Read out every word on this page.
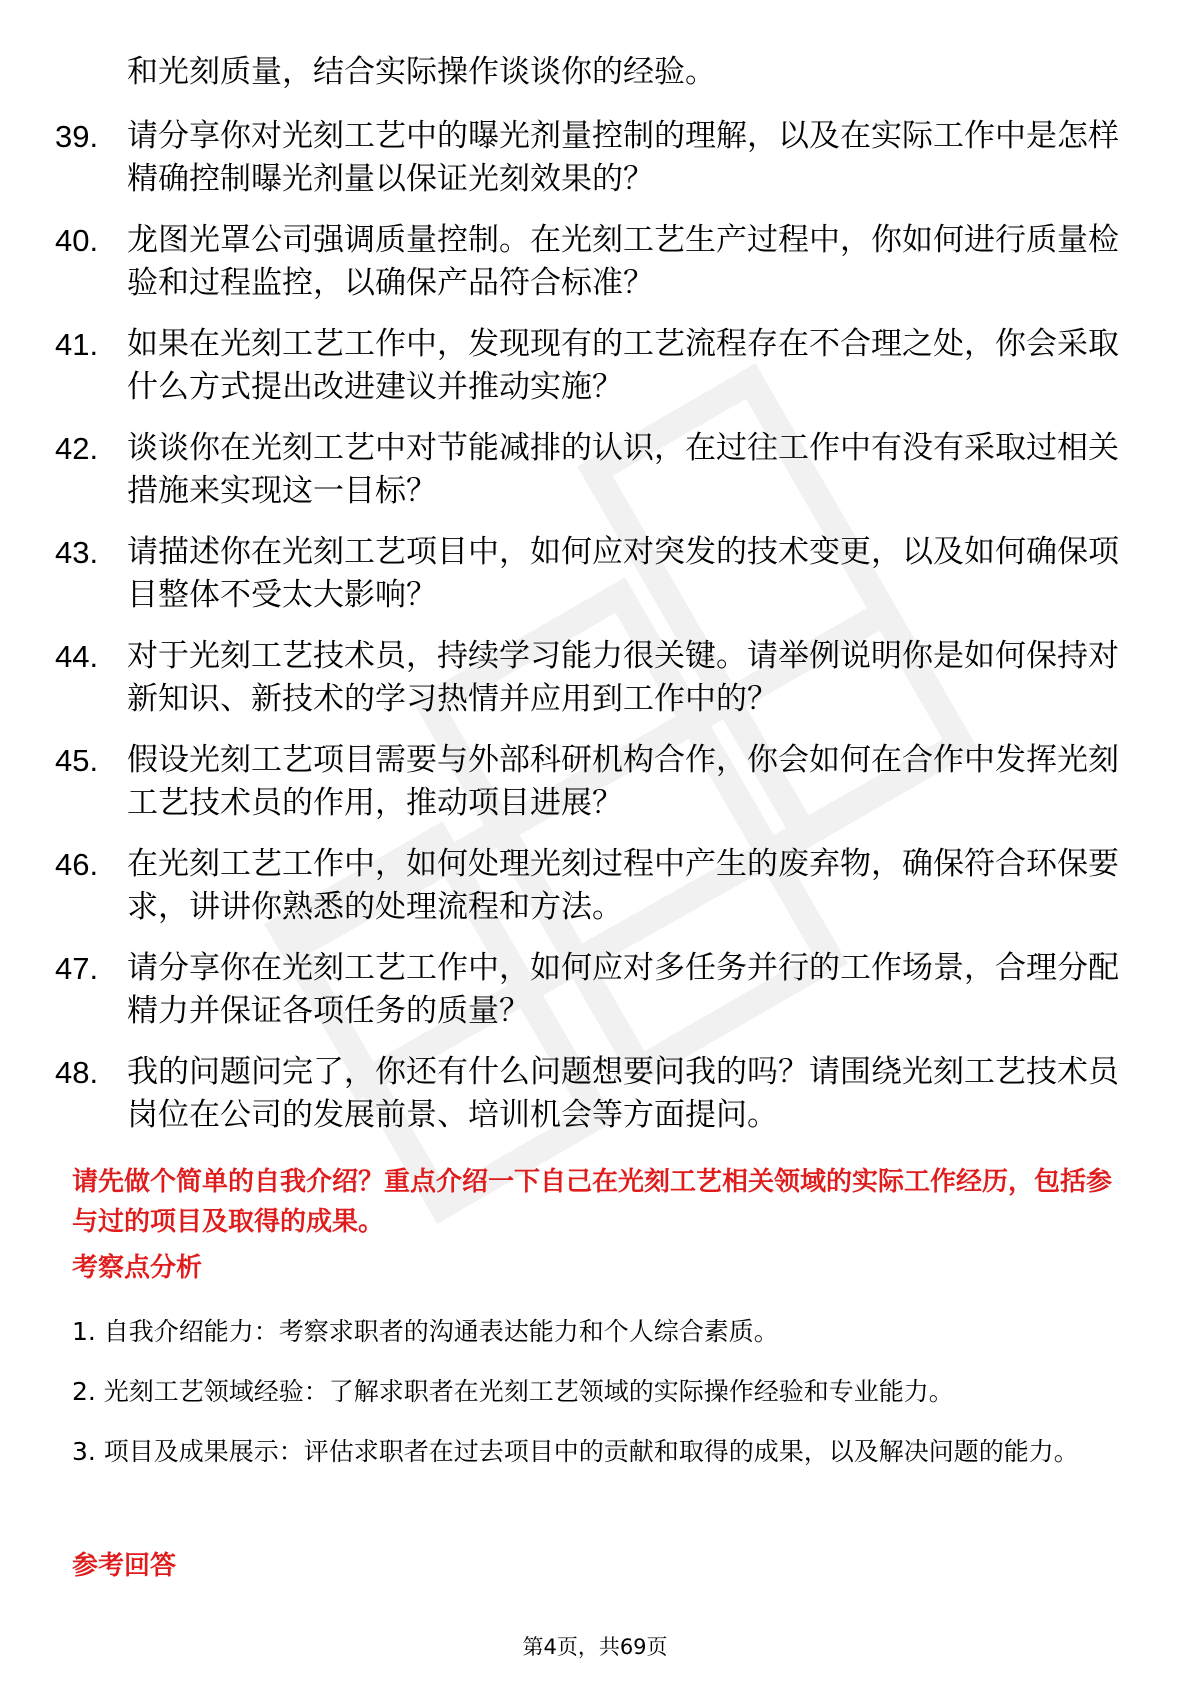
和光刻质量，结合实际操作谈谈你的经验。
39. 请分享你对光刻工艺中的曝光剂量控制的理解，以及在实际工作中是怎样精确控制曝光剂量以保证光刻效果的？
40. 龙图光罩公司强调质量控制。在光刻工艺生产过程中，你如何进行质量检验和过程监控，以确保产品符合标准？
41. 如果在光刻工艺工作中，发现现有的工艺流程存在不合理之处，你会采取什么方式提出改进建议并推动实施？
42. 谈谈你在光刻工艺中对节能减排的认识，在过往工作中有没有采取过相关措施来实现这一目标？
43. 请描述你在光刻工艺项目中，如何应对突发的技术变更，以及如何确保项目整体不受太大影响？
44. 对于光刻工艺技术员，持续学习能力很关键。请举例说明你是如何保持对新知识、新技术的学习热情并应用到工作中的？
45. 假设光刻工艺项目需要与外部科研机构合作，你会如何在合作中发挥光刻工艺技术员的作用，推动项目进展？
46. 在光刻工艺工作中，如何处理光刻过程中产生的废弃物，确保符合环保要求，讲讲你熟悉的处理流程和方法。
47. 请分享你在光刻工艺工作中，如何应对多任务并行的工作场景，合理分配精力并保证各项任务的质量？
48. 我的问题问完了，你还有什么问题想要问我的吗？请围绕光刻工艺技术员岗位在公司的发展前景、培训机会等方面提问。
请先做个简单的自我介绍？重点介绍一下自己在光刻工艺相关领域的实际工作经历，包括参与过的项目及取得的成果。
考察点分析
1. 自我介绍能力：考察求职者的沟通表达能力和个人综合素质。
2. 光刻工艺领域经验：了解求职者在光刻工艺领域的实际操作经验和专业能力。
3. 项目及成果展示：评估求职者在过去项目中的贡献和取得的成果，以及解决问题的能力。
参考回答
第4页，共69页
